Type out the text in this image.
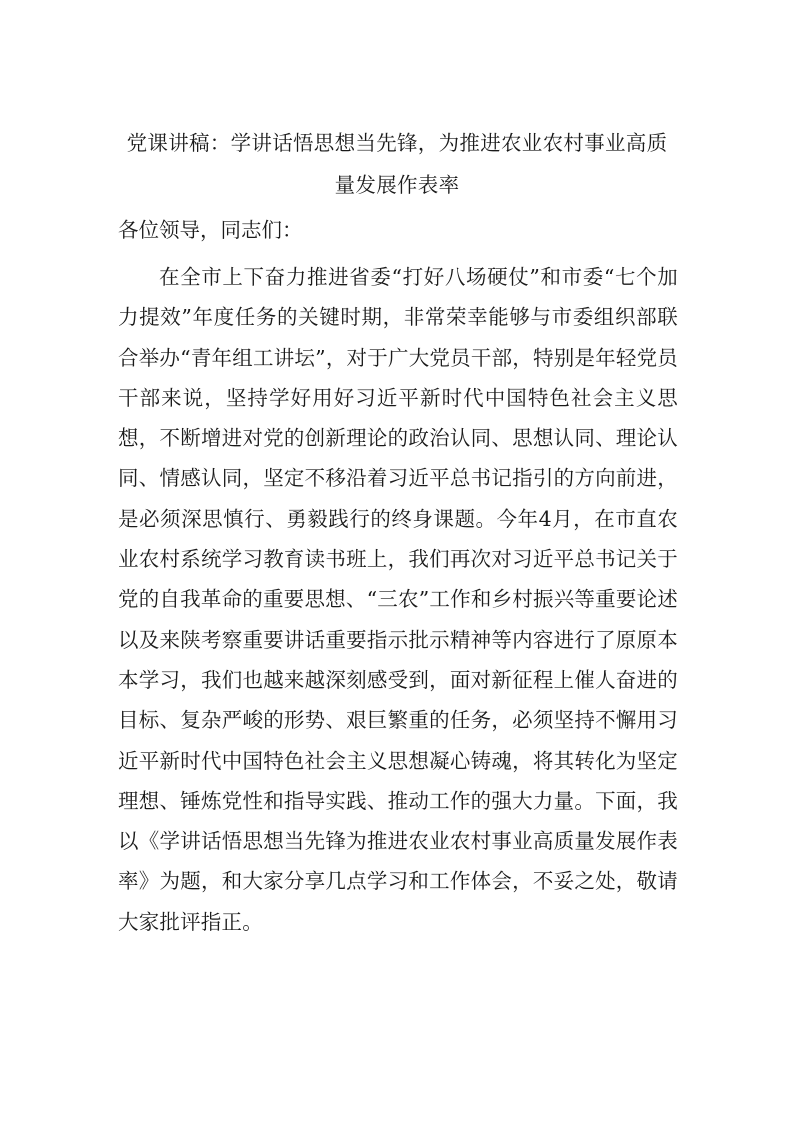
党课讲稿：学讲话悟思想当先锋，为推进农业农村事业高质量发展作表率
各位领导，同志们：
在全市上下奋力推进省委“打好八场硬仗”和市委“七个加力提效”年度任务的关键时期，非常荣幸能够与市委组织部联合举办“青年组工讲坛”，对于广大党员干部，特别是年轻党员干部来说，坚持学好用好习近平新时代中国特色社会主义思想，不断增进对党的创新理论的政治认同、思想认同、理论认同、情感认同，坚定不移沿着习近平总书记指引的方向前进，是必须深思慎行、勇毅践行的终身课题。今年4月，在市直农业农村系统学习教育读书班上，我们再次对习近平总书记关于党的自我革命的重要思想、“三农”工作和乡村振兴等重要论述以及来陕考察重要讲话重要指示批示精神等内容进行了原原本本学习，我们也越来越深刻感受到，面对新征程上催人奋进的目标、复杂严峻的形势、艰巨繁重的任务，必须坚持不懈用习近平新时代中国特色社会主义思想凝心铸魂，将其转化为坚定理想、锤炼党性和指导实践、推动工作的强大力量。下面，我以《学讲话悟思想当先锋为推进农业农村事业高质量发展作表率》为题，和大家分享几点学习和工作体会，不妥之处，敬请大家批评指正。
